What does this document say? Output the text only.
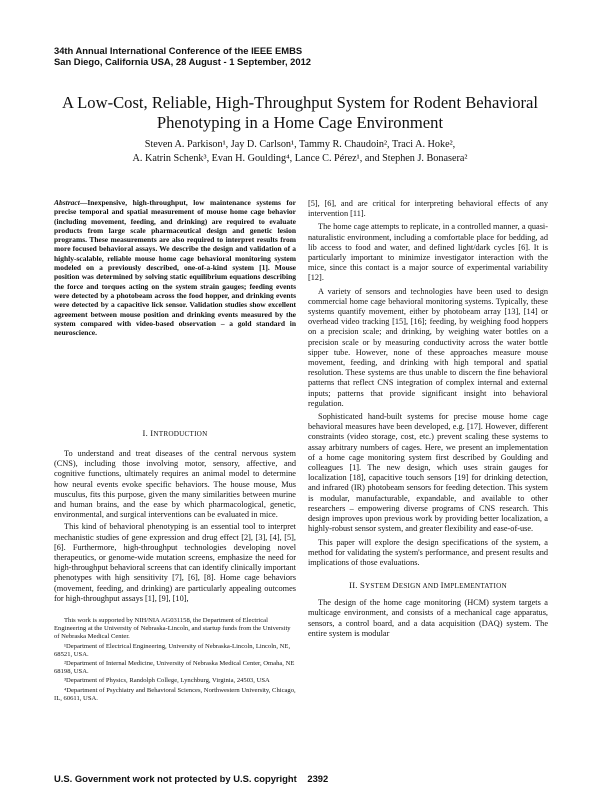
34th Annual International Conference of the IEEE EMBS
San Diego, California USA, 28 August - 1 September, 2012
A Low-Cost, Reliable, High-Throughput System for Rodent Behavioral
Phenotyping in a Home Cage Environment
Steven A. Parkison¹, Jay D. Carlson¹, Tammy R. Chaudoin², Traci A. Hoke²,
A. Katrin Schenk³, Evan H. Goulding⁴, Lance C. Pérez¹, and Stephen J. Bonasera²

Abstract—Inexpensive, high-throughput, low maintenance systems for precise temporal and spatial measurement of mouse home cage behavior (including movement, feeding, and drinking) are required to evaluate products from large scale pharmaceutical design and genetic lesion programs. These measurements are also required to interpret results from more focused behavioral assays. We describe the design and validation of a highly-scalable, reliable mouse home cage behavioral monitoring system modeled on a previously described, one-of-a-kind system [1]. Mouse position was determined by solving static equilibrium equations describing the force and torques acting on the system strain gauges; feeding events were detected by a photobeam across the food hopper, and drinking events were detected by a capacitive lick sensor. Validation studies show excellent agreement between mouse position and drinking events measured by the system compared with video-based observation – a gold standard in neuroscience.

I. INTRODUCTION

To understand and treat diseases of the central nervous system (CNS), including those involving motor, sensory, affective, and cognitive functions, ultimately requires an animal model to determine how neural events evoke specific behaviors. The house mouse, Mus musculus, fits this purpose, given the many similarities between murine and human brains, and the ease by which pharmacological, genetic, environmental, and surgical interventions can be evaluated in mice.

This kind of behavioral phenotyping is an essential tool to interpret mechanistic studies of gene expression and drug effect [2], [3], [4], [5], [6]. Furthermore, high-throughput technologies developing novel therapeutics, or genome-wide mutation screens, emphasize the need for high-throughput behavioral screens that can identify clinically important phenotypes with high sensitivity [7], [6], [8]. Home cage behaviors (movement, feeding, and drinking) are particularly appealing outcomes for high-throughput assays [1], [9], [10],

This work is supported by NIH/NIA AG031158, the Department of Electrical Engineering at the University of Nebraska-Lincoln, and startup funds from the University of Nebraska Medical Center.

¹Department of Electrical Engineering, University of Nebraska-Lincoln, Lincoln, NE, 68521, USA.

²Department of Internal Medicine, University of Nebraska Medical Center, Omaha, NE 68198, USA.

³Department of Physics, Randolph College, Lynchburg, Virginia, 24503, USA

⁴Department of Psychiatry and Behavioral Sciences, Northwestern University, Chicago, IL, 60611, USA.

[5], [6], and are critical for interpreting behavioral effects of any intervention [11].

The home cage attempts to replicate, in a controlled manner, a quasi-naturalistic environment, including a comfortable place for bedding, ad lib access to food and water, and defined light/dark cycles [6]. It is particularly important to minimize investigator interaction with the mice, since this contact is a major source of experimental variability [12].

A variety of sensors and technologies have been used to design commercial home cage behavioral monitoring systems. Typically, these systems quantify movement, either by photobeam array [13], [14] or overhead video tracking [15], [16]; feeding, by weighing food hoppers on a precision scale; and drinking, by weighing water bottles on a precision scale or by measuring conductivity across the water bottle sipper tube. However, none of these approaches measure mouse movement, feeding, and drinking with high temporal and spatial resolution. These systems are thus unable to discern the fine behavioral patterns that reflect CNS integration of complex internal and external inputs; patterns that provide significant insight into behavioral regulation.

Sophisticated hand-built systems for precise mouse home cage behavioral measures have been developed, e.g. [17]. However, different constraints (video storage, cost, etc.) prevent scaling these systems to assay arbitrary numbers of cages. Here, we present an implementation of a home cage monitoring system first described by Goulding and colleagues [1]. The new design, which uses strain gauges for localization [18], capacitive touch sensors [19] for drinking detection, and infrared (IR) photobeam sensors for feeding detection. This system is modular, manufacturable, expandable, and available to other researchers – empowering diverse programs of CNS research. This design improves upon previous work by providing better localization, a highly-robust sensor system, and greater flexibility and ease-of-use.

This paper will explore the design specifications of the system, a method for validating the system's performance, and present results and implications of those evaluations.

II. SYSTEM DESIGN AND IMPLEMENTATION

The design of the home cage monitoring (HCM) system targets a multicage environment, and consists of a mechanical cage apparatus, sensors, a control board, and a data acquisition (DAQ) system. The entire system is modular

U.S. Government work not protected by U.S. copyright 2392
